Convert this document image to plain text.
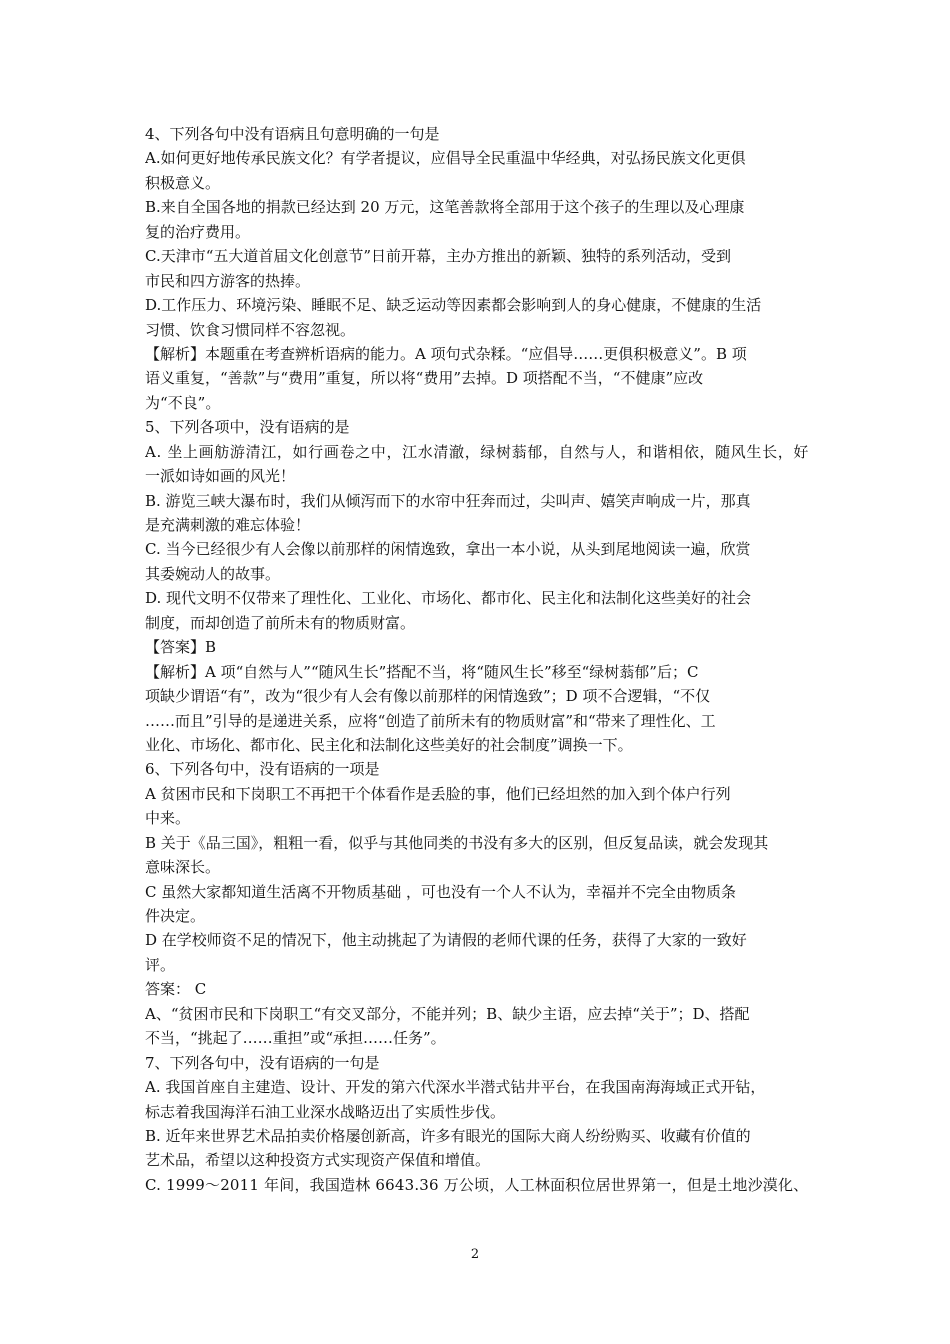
4、下列各句中没有语病且句意明确的一句是
A.如何更好地传承民族文化？有学者提议，应倡导全民重温中华经典，对弘扬民族文化更俱
积极意义。
B.来自全国各地的捐款已经达到 20 万元，这笔善款将全部用于这个孩子的生理以及心理康
复的治疗费用。
C.天津市“五大道首届文化创意节”日前开幕，主办方推出的新颖、独特的系列活动，受到
市民和四方游客的热捧。
D.工作压力、环境污染、睡眠不足、缺乏运动等因素都会影响到人的身心健康，不健康的生活
习惯、饮食习惯同样不容忽视。
【解析】本题重在考查辨析语病的能力。A 项句式杂糅。“应倡导……更俱积极意义”。B 项
语义重复，“善款”与“费用”重复，所以将“费用”去掉。D 项搭配不当，“不健康”应改
为“不良”。
5、下列各项中，没有语病的是
A. 坐上画舫游清江，如行画卷之中，江水清澈，绿树蓊郁，自然与人，和谐相依，随风生长，好
一派如诗如画的风光！
B. 游览三峡大瀑布时，我们从倾泻而下的水帘中狂奔而过，尖叫声、嬉笑声响成一片，那真
是充满刺激的难忘体验！
C. 当今已经很少有人会像以前那样的闲情逸致，拿出一本小说，从头到尾地阅读一遍，欣赏
其委婉动人的故事。
D. 现代文明不仅带来了理性化、工业化、市场化、都市化、民主化和法制化这些美好的社会
制度，而却创造了前所未有的物质财富。
【答案】B
【解析】A 项“自然与人”“随风生长”搭配不当，将“随风生长”移至“绿树蓊郁”后；C
项缺少谓语“有”，改为“很少有人会有像以前那样的闲情逸致”；D 项不合逻辑，“不仅
……而且”引导的是递进关系，应将“创造了前所未有的物质财富”和“带来了理性化、工
业化、市场化、都市化、民主化和法制化这些美好的社会制度”调换一下。
6、下列各句中，没有语病的一项是
A 贫困市民和下岗职工不再把干个体看作是丢脸的事，他们已经坦然的加入到个体户行列
中来。
B 关于《品三国》，粗粗一看，似乎与其他同类的书没有多大的区别，但反复品读，就会发现其
意味深长。
C 虽然大家都知道生活离不开物质基础 ，可也没有一个人不认为，幸福并不完全由物质条
件决定。
D 在学校师资不足的情况下，他主动挑起了为请假的老师代课的任务，获得了大家的一致好
评。
答案： C
A、“贫困市民和下岗职工“有交叉部分，不能并列；B、缺少主语，应去掉“关于”；D、搭配
不当，“挑起了……重担”或“承担……任务”。
7、下列各句中，没有语病的一句是
A. 我国首座自主建造、设计、开发的第六代深水半潜式钻井平台，在我国南海海域正式开钻，
标志着我国海洋石油工业深水战略迈出了实质性步伐。
B. 近年来世界艺术品拍卖价格屡创新高，许多有眼光的国际大商人纷纷购买、收藏有价值的
艺术品，希望以这种投资方式实现资产保值和增值。
C. 1999～2011 年间，我国造林 6643.36 万公顷，人工林面积位居世界第一，但是土地沙漠化、
2
